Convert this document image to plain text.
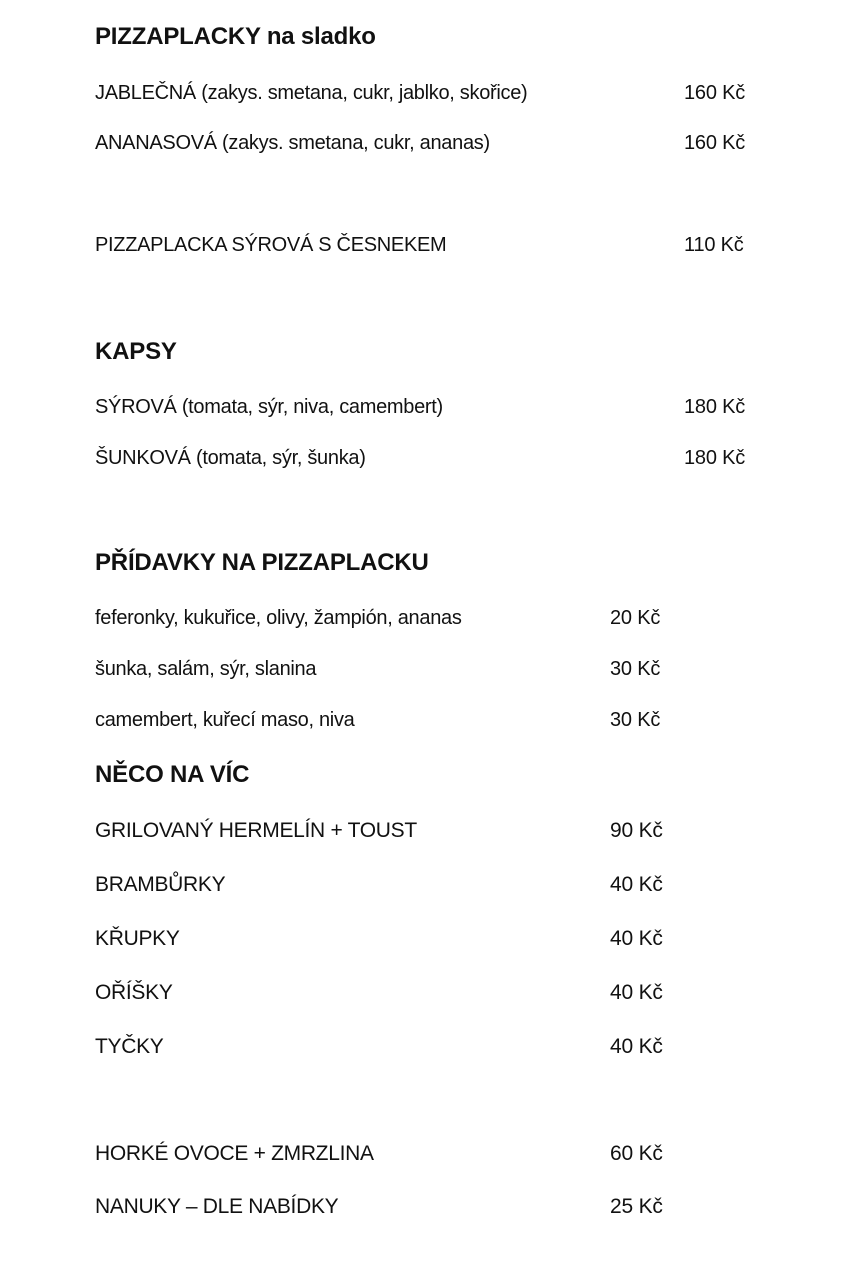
PIZZAPLACKY na sladko
JABLEČNÁ (zakys. smetana, cukr, jablko, skořice)	160 Kč
ANANASOVÁ (zakys. smetana, cukr, ananas)	160 Kč
PIZZAPLACKA SÝROVÁ S ČESNEKEM	110 Kč
KAPSY
SÝROVÁ (tomata, sýr, niva, camembert)	180 Kč
ŠUNKOVÁ (tomata, sýr, šunka)	180 Kč
PŘÍDAVKY NA PIZZAPLACKU
feferonky, kukuřice, olivy, žampión, ananas	20 Kč
šunka, salám, sýr, slanina	30 Kč
camembert, kuřecí maso, niva	30 Kč
NĚCO NA VÍC
GRILOVANÝ HERMELÍN + TOUST	90 Kč
BRAMBŮRKY	40 Kč
KŘUPKY	40 Kč
OŘÍŠKY	40 Kč
TYČKY	40 Kč
HORKÉ OVOCE + ZMRZLINA	60 Kč
NANUKY – DLE NABÍDKY	25 Kč
